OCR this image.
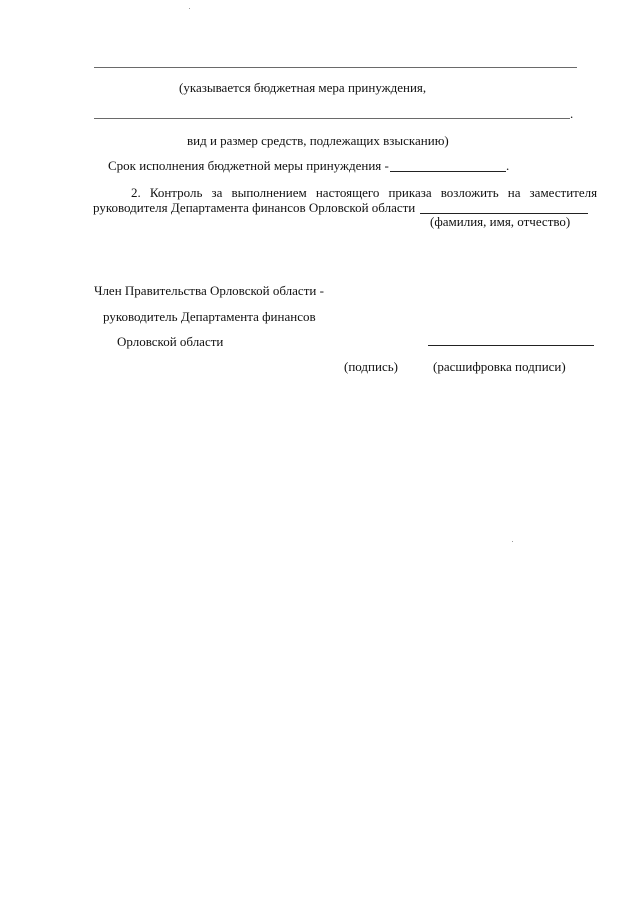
(указывается бюджетная мера принуждения,
.
вид и размер средств, подлежащих взысканию)
Срок исполнения бюджетной меры принуждения -	.
2. Контроль за выполнением настоящего приказа возложить на заместителя
руководителя Департамента финансов Орловской области
(фамилия, имя, отчество)
Член Правительства Орловской области -
руководитель Департамента финансов
Орловской области
(подпись)	(расшифровка подписи)
